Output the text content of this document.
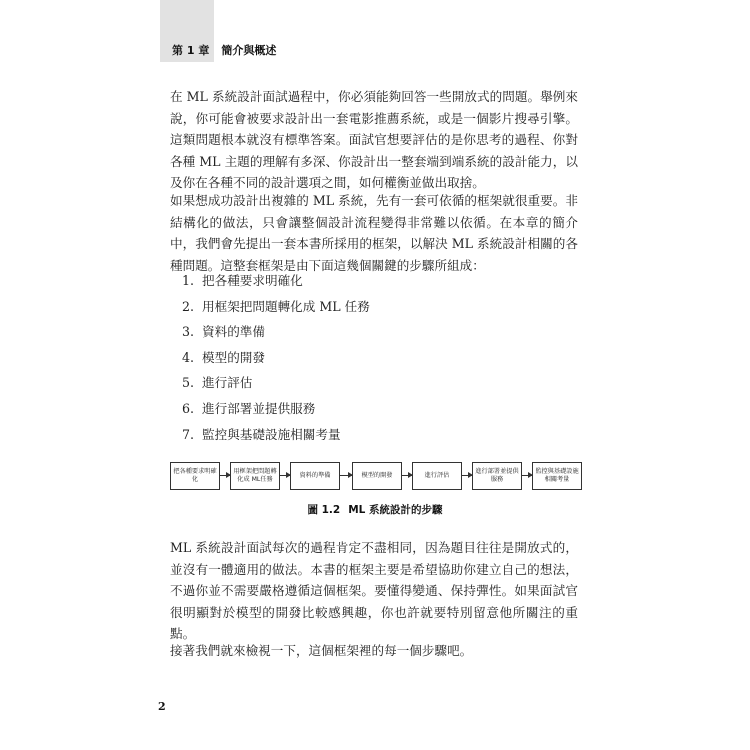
第 1 章 簡介與概述

在 ML 系統設計面試過程中，你必須能夠回答一些開放式的問題。舉例來說，你可能會被要求設計出一套電影推薦系統，或是一個影片搜尋引擎。這類問題根本就沒有標準答案。面試官想要評估的是你思考的過程、你對各種 ML 主題的理解有多深、你設計出一整套端到端系統的設計能力，以及你在各種不同的設計選項之間，如何權衡並做出取捨。

如果想成功設計出複雜的 ML 系統，先有一套可依循的框架就很重要。非結構化的做法，只會讓整個設計流程變得非常難以依循。在本章的簡介中，我們會先提出一套本書所採用的框架，以解決 ML 系統設計相關的各種問題。這整套框架是由下面這幾個關鍵的步驟所組成：

1. 把各種要求明確化
2. 用框架把問題轉化成 ML 任務
3. 資料的準備
4. 模型的開發
5. 進行評估
6. 進行部署並提供服務
7. 監控與基礎設施相關考量
把各種要求明確化
用框架把問題轉化成 ML任務
資料的準備	模型的開發	進行評估
進行部署並提供服務
監控與基礎設施相關考量
圖 1.2 ML 系統設計的步驟

ML 系統設計面試每次的過程肯定不盡相同，因為題目往往是開放式的，並沒有一體適用的做法。本書的框架主要是希望協助你建立自己的想法，不過你並不需要嚴格遵循這個框架。要懂得變通、保持彈性。如果面試官很明顯對於模型的開發比較感興趣，你也許就要特別留意他所關注的重點。

接著我們就來檢視一下，這個框架裡的每一個步驟吧。

2
